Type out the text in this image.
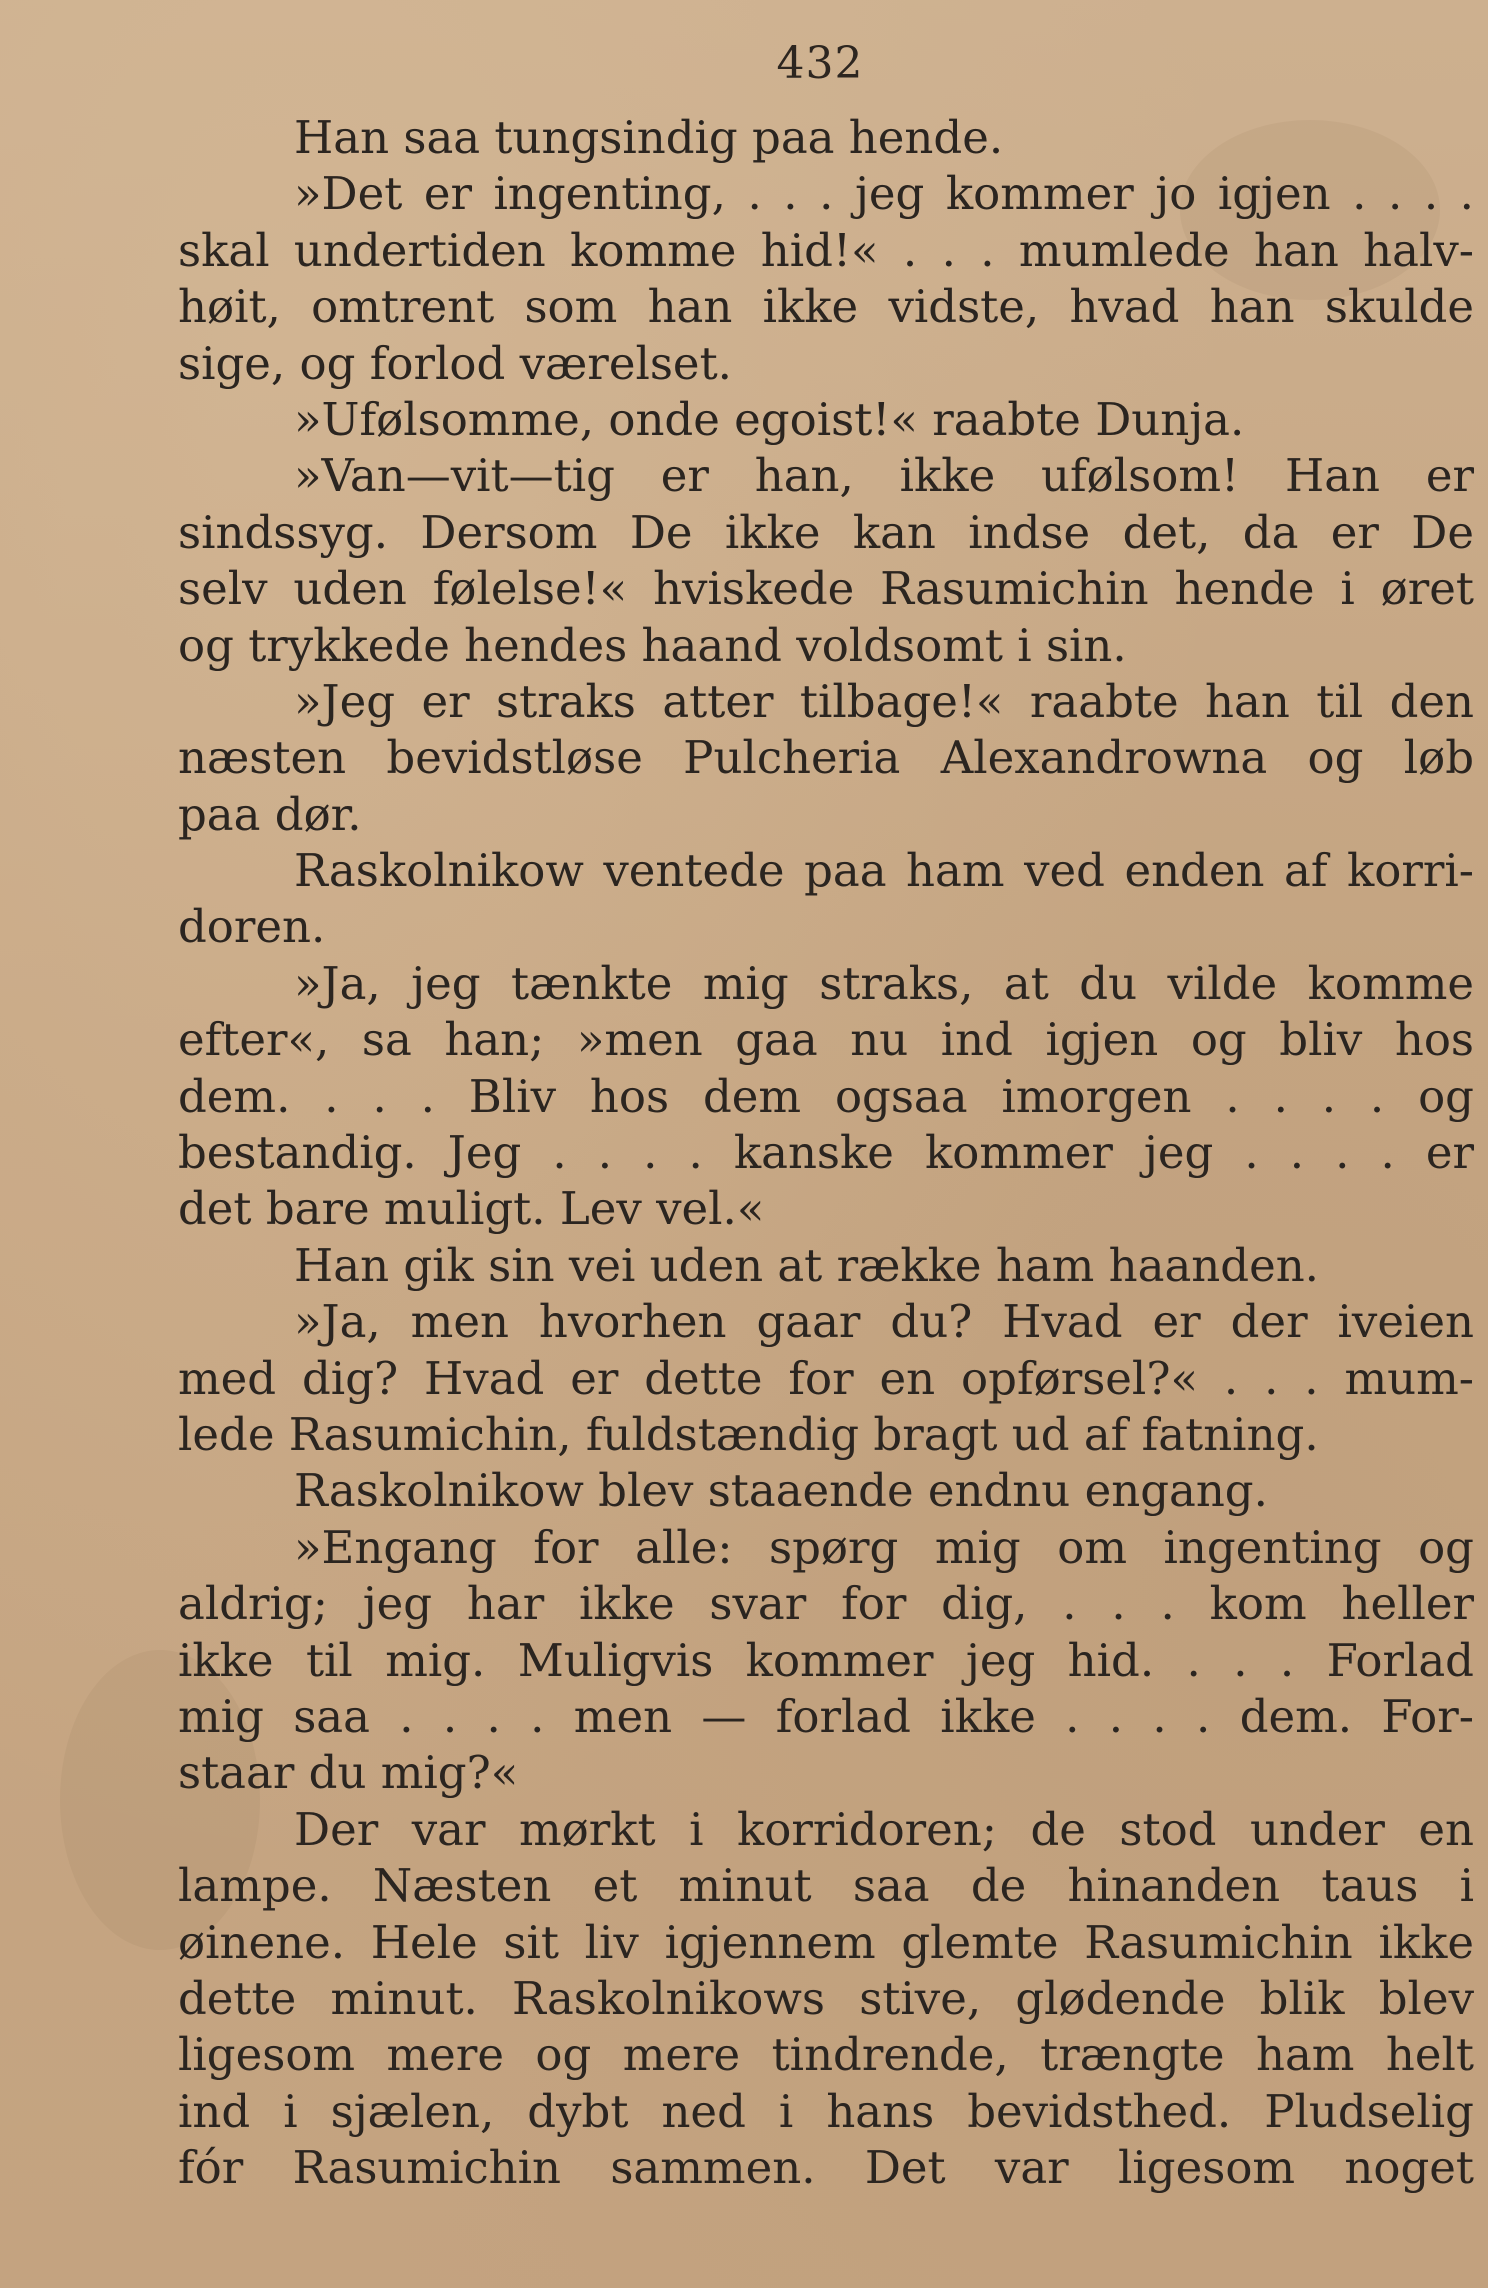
432
Han saa tungsindig paa hende.
»Det er ingenting, . . . jeg kommer jo igjen . . . .
skal undertiden komme hid!« . . . mumlede han halv-
høit, omtrent som han ikke vidste, hvad han skulde
sige, og forlod værelset.
»Ufølsomme, onde egoist!« raabte Dunja.
»Van—vit—tig er han, ikke ufølsom! Han er
sindssyg. Dersom De ikke kan indse det, da er De
selv uden følelse!« hviskede Rasumichin hende i øret
og trykkede hendes haand voldsomt i sin.
»Jeg er straks atter tilbage!« raabte han til den
næsten bevidstløse Pulcheria Alexandrowna og løb
paa dør.
Raskolnikow ventede paa ham ved enden af korri-
doren.
»Ja, jeg tænkte mig straks, at du vilde komme
efter«, sa han; »men gaa nu ind igjen og bliv hos
dem. . . . Bliv hos dem ogsaa imorgen . . . . og
bestandig. Jeg . . . . kanske kommer jeg . . . . er
det bare muligt. Lev vel.«
Han gik sin vei uden at række ham haanden.
»Ja, men hvorhen gaar du? Hvad er der iveien
med dig? Hvad er dette for en opførsel?« . . . mum-
lede Rasumichin, fuldstændig bragt ud af fatning.
Raskolnikow blev staaende endnu engang.
»Engang for alle: spørg mig om ingenting og
aldrig; jeg har ikke svar for dig, . . . kom heller
ikke til mig. Muligvis kommer jeg hid. . . . Forlad
mig saa . . . . men — forlad ikke . . . . dem. For-
staar du mig?«
Der var mørkt i korridoren; de stod under en
lampe. Næsten et minut saa de hinanden taus i
øinene. Hele sit liv igjennem glemte Rasumichin ikke
dette minut. Raskolnikows stive, glødende blik blev
ligesom mere og mere tindrende, trængte ham helt
ind i sjælen, dybt ned i hans bevidsthed. Pludselig
fór Rasumichin sammen. Det var ligesom noget
